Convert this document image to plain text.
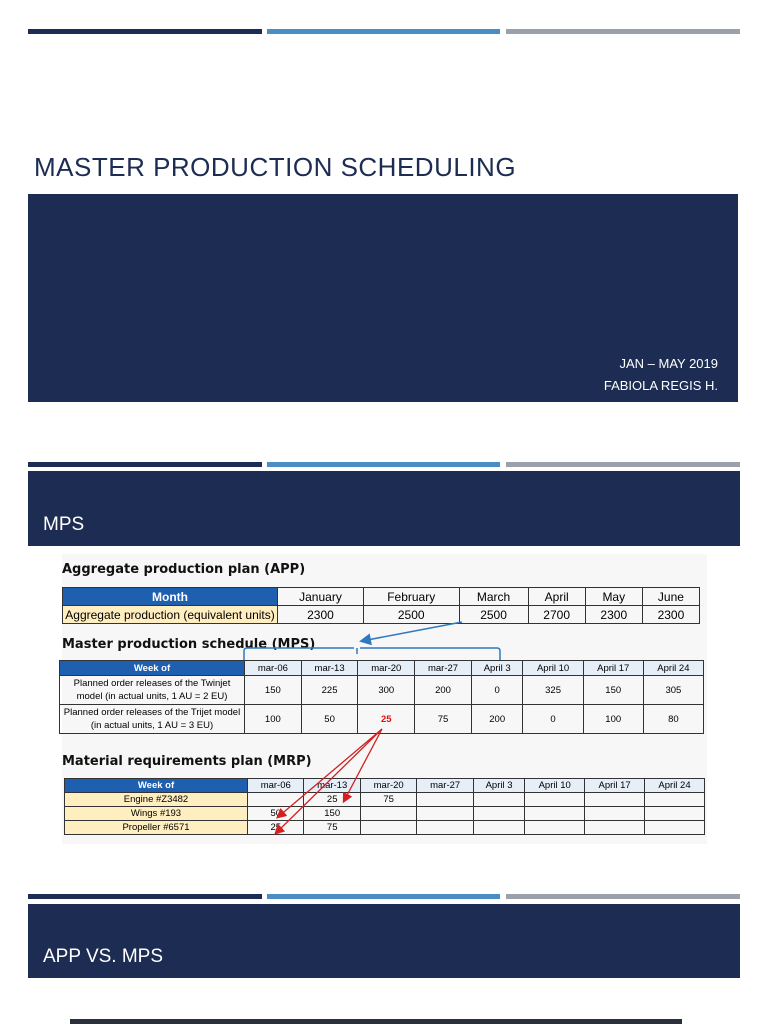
MASTER PRODUCTION SCHEDULING
JAN – MAY 2019
FABIOLA REGIS H.
MPS
Aggregate production plan (APP)
Month	January	February	March	April	May	June
Aggregate production (equivalent units)	2300	2500	2500	2700	2300	2300
Master production schedule (MPS)
Week of	mar-06	mar-13	mar-20	mar-27	April 3	April 10	April 17	April 24

Planned order releases of the Twinjet
model (in actual units, 1 AU = 2 EU)	150	225	300	200	0	325	150	305

Planned order releases of the Trijet model
(in actual units, 1 AU = 3 EU)	100	50	25	75	200	0	100	80
Material requirements plan (MRP)
Week of	mar-06	mar-13	mar-20	mar-27	April 3	April 10	April 17	April 24
Engine #Z3482		25	75					
Wings #193	50	150						
Propeller #6571	25	75						
APP VS. MPS
